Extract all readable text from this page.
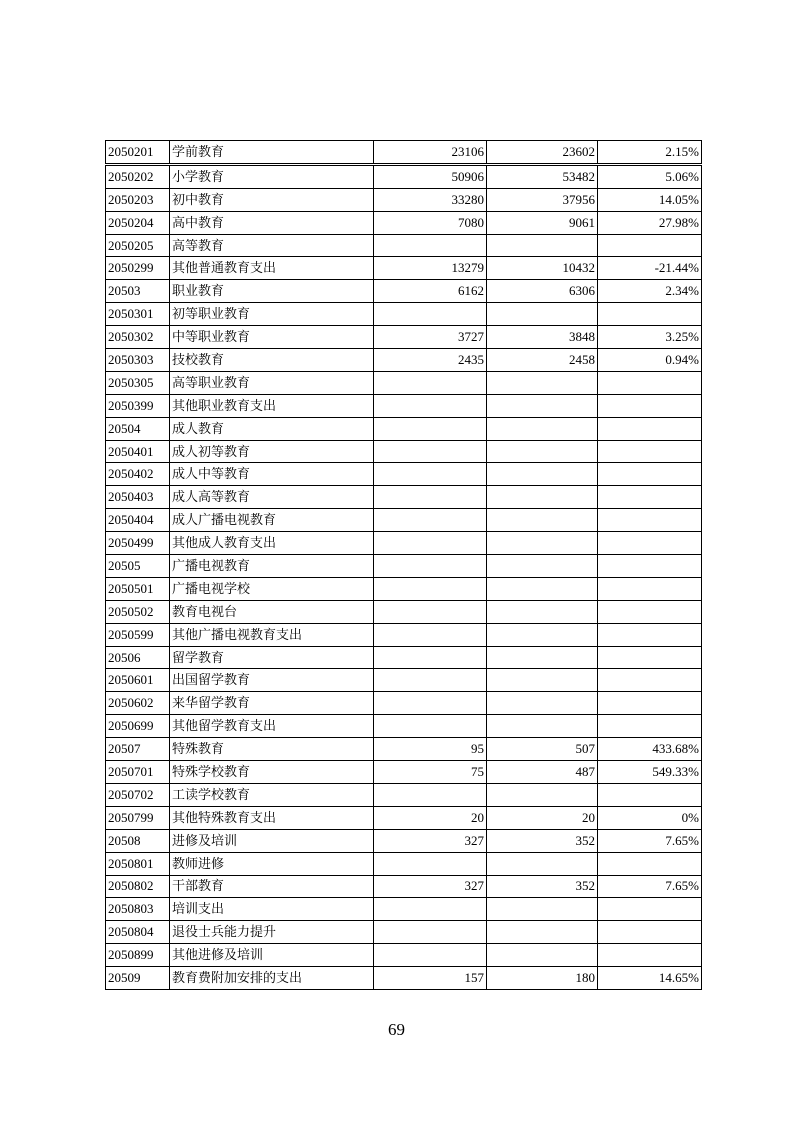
2050201	学前教育	23106	23602	2.15%
2050202	小学教育	50906	53482	5.06%
2050203	初中教育	33280	37956	14.05%
2050204	高中教育	7080	9061	27.98%
2050205	高等教育			
2050299	其他普通教育支出	13279	10432	-21.44%
20503	职业教育	6162	6306	2.34%
2050301	初等职业教育			
2050302	中等职业教育	3727	3848	3.25%
2050303	技校教育	2435	2458	0.94%
2050305	高等职业教育			
2050399	其他职业教育支出			
20504	成人教育			
2050401	成人初等教育			
2050402	成人中等教育			
2050403	成人高等教育			
2050404	成人广播电视教育			
2050499	其他成人教育支出			
20505	广播电视教育			
2050501	广播电视学校			
2050502	教育电视台			
2050599	其他广播电视教育支出			
20506	留学教育			
2050601	出国留学教育			
2050602	来华留学教育			
2050699	其他留学教育支出			
20507	特殊教育	95	507	433.68%
2050701	特殊学校教育	75	487	549.33%
2050702	工读学校教育			
2050799	其他特殊教育支出	20	20	0%
20508	进修及培训	327	352	7.65%
2050801	教师进修			
2050802	干部教育	327	352	7.65%
2050803	培训支出			
2050804	退役士兵能力提升			
2050899	其他进修及培训			
20509	教育费附加安排的支出	157	180	14.65%
69
